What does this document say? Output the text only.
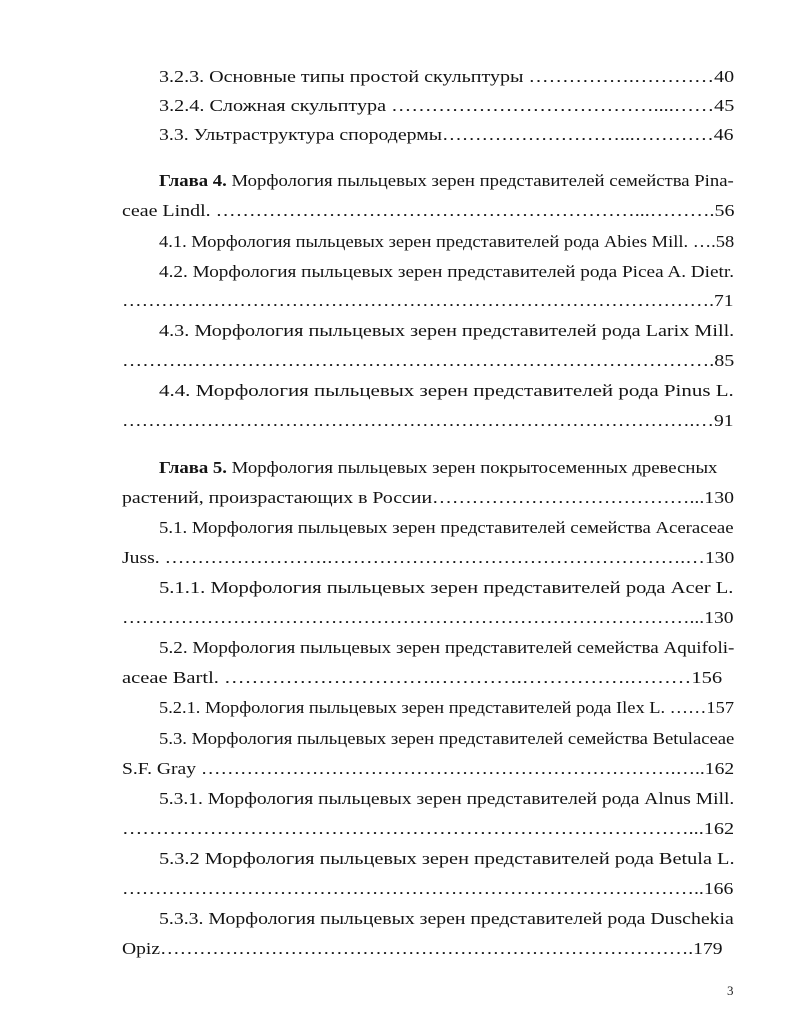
3.2.3. Основные типы простой скульптуры …………….…………40
3.2.4. Сложная скульптура …………………………………....……45
3.3. Ультраструктура спородермы………………………...…………46
Глава 4. Морфология пыльцевых зерен представителей семейства Pina-
ceae Lindl. ………………………………………………………...……….56
4.1. Морфология пыльцевых зерен представителей рода Abies Mill. ….58
4.2. Морфология пыльцевых зерен представителей рода Picea A. Dietr.
……………………………………………………………………………….71
4.3. Морфология пыльцевых зерен представителей рода Larix Mill.
……….…………………………………………………………………….85
4.4. Морфология пыльцевых зерен представителей рода Pinus L.
…………………………………………………………………………….…91
Глава 5. Морфология пыльцевых зерен покрытосеменных древесных
растений, произрастающих в России…………………………………...130
5.1. Морфология пыльцевых зерен представителей семейства Aceraceae
Juss. …………………….……………………………………………….…130
5.1.1. Морфология пыльцевых зерен представителей рода Acer L.
……………………………………………………………………………...130
5.2. Морфология пыльцевых зерен представителей семейства Aquifoli-
aceae Bartl. ………………………….………….…………….………156
5.2.1. Морфология пыльцевых зерен представителей рода Ilex L. ……157
5.3. Морфология пыльцевых зерен представителей семейства Betulaceae
S.F. Gray ……………………………………………………………….…..162
5.3.1. Морфология пыльцевых зерен представителей рода Alnus Mill.
…………………………………………………………………………...162
5.3.2 Морфология пыльцевых зерен представителей рода Betula L.
……………………………………………………………………………..166
5.3.3. Морфология пыльцевых зерен представителей рода Duschekia
Opiz……………………………………………………………………….179
3
